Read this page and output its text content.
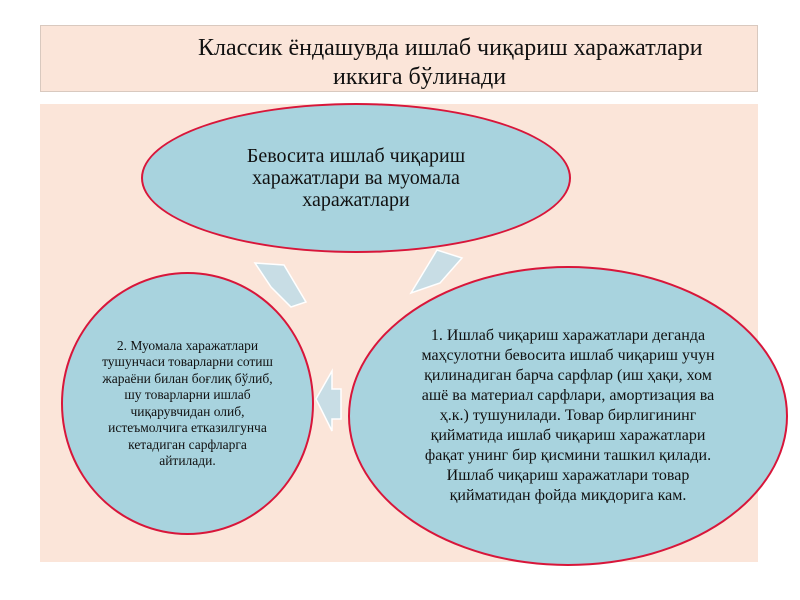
Классик ёндашувда ишлаб чиқариш харажатлари
иккига бўлинади
Бевосита ишлаб чиқариш харажатлари ва муомала харажатлари
1. Ишлаб чиқариш харажатлари деганда маҳсулотни бевосита ишлаб чиқариш учун қилинадиган барча сарфлар (иш ҳақи, хом ашё ва материал сарфлари, амортизация ва ҳ.к.) тушунилади. Товар бирлигининг қийматида ишлаб чиқариш харажатлари фақат унинг бир қисмини ташкил қилади. Ишлаб чиқариш харажатлари товар қийматидан фойда миқдорига кам.
2. Муомала харажатлари тушунчаси товарларни сотиш жараёни билан боғлиқ бўлиб, шу товарларни ишлаб чиқарувчидан олиб, истеъмолчига етказилгунча кетадиган сарфларга айтилади.
